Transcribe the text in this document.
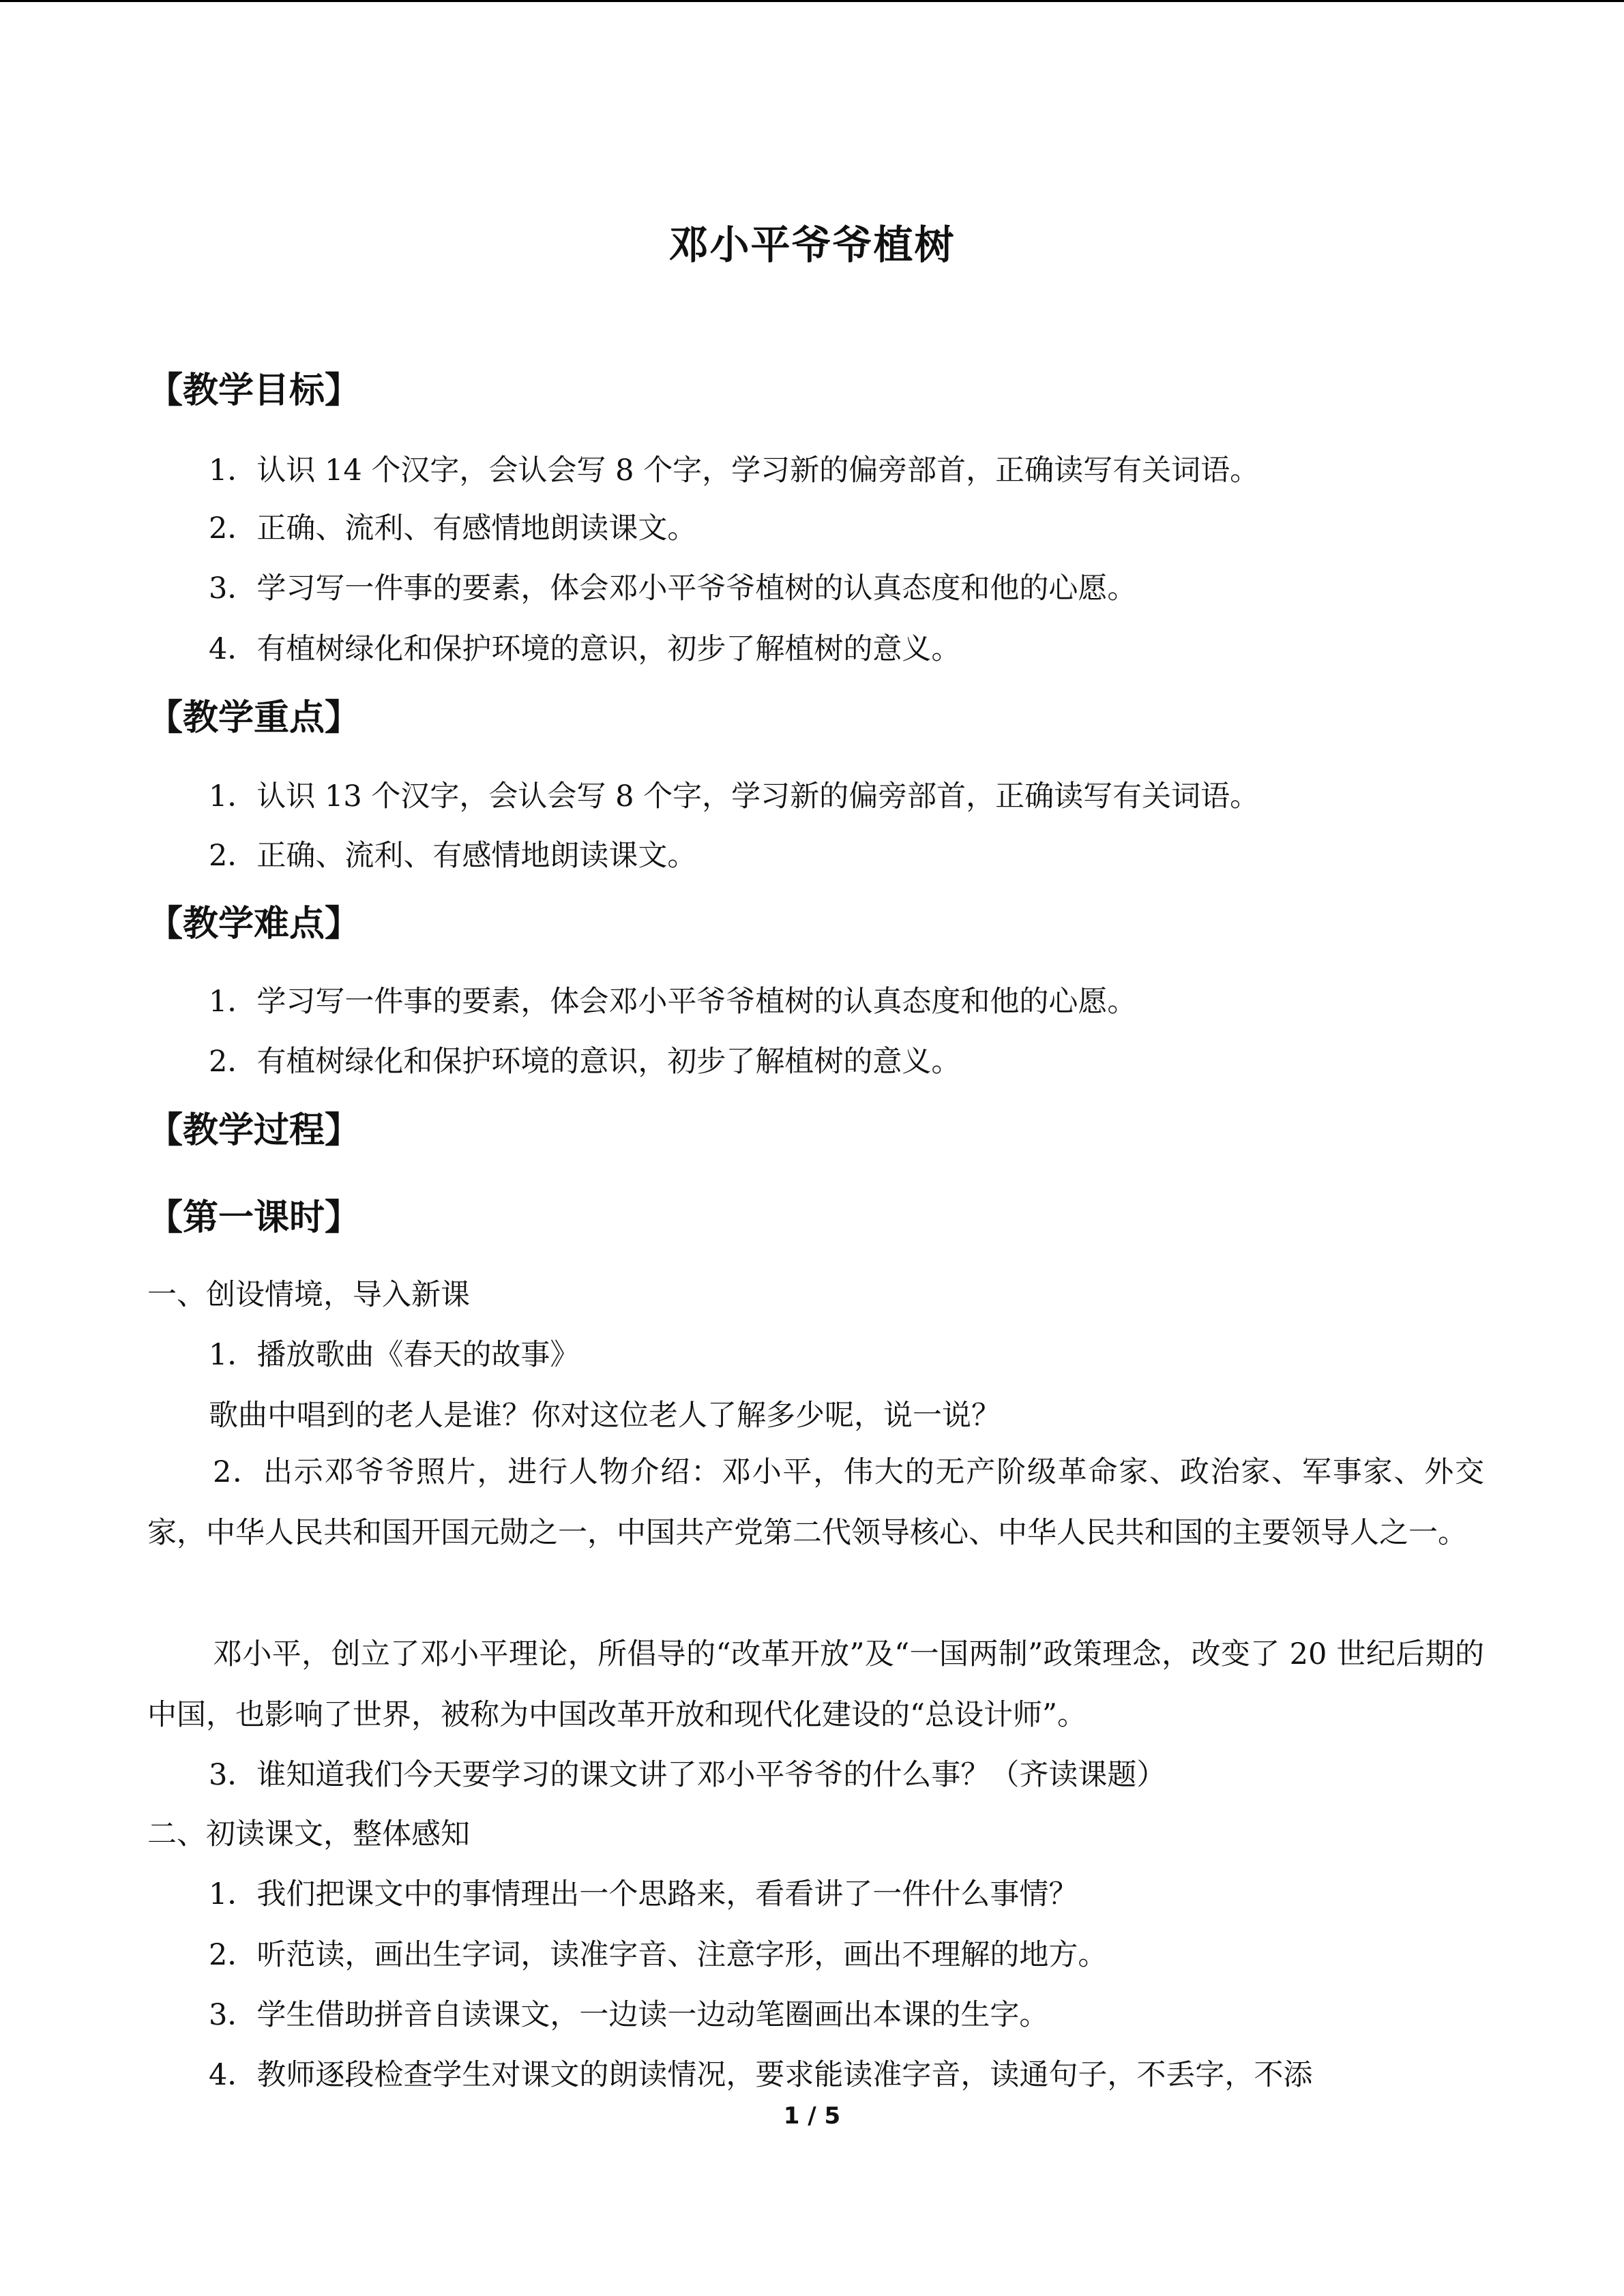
邓小平爷爷植树
【教学目标】
1．认识 14 个汉字，会认会写 8 个字，学习新的偏旁部首，正确读写有关词语。
2．正确、流利、有感情地朗读课文。
3．学习写一件事的要素，体会邓小平爷爷植树的认真态度和他的心愿。
4．有植树绿化和保护环境的意识，初步了解植树的意义。
【教学重点】
1．认识 13 个汉字，会认会写 8 个字，学习新的偏旁部首，正确读写有关词语。
2．正确、流利、有感情地朗读课文。
【教学难点】
1．学习写一件事的要素，体会邓小平爷爷植树的认真态度和他的心愿。
2．有植树绿化和保护环境的意识，初步了解植树的意义。
【教学过程】
【第一课时】
一、创设情境，导入新课
1．播放歌曲《春天的故事》
歌曲中唱到的老人是谁？你对这位老人了解多少呢，说一说？
2．出示邓爷爷照片，进行人物介绍：邓小平，伟大的无产阶级革命家、政治家、军事家、外交家，中华人民共和国开国元勋之一，中国共产党第二代领导核心、中华人民共和国的主要领导人之一。
邓小平，创立了邓小平理论，所倡导的“改革开放”及“一国两制”政策理念，改变了 20 世纪后期的中国，也影响了世界，被称为中国改革开放和现代化建设的“总设计师”。
3．谁知道我们今天要学习的课文讲了邓小平爷爷的什么事？（齐读课题）
二、初读课文，整体感知
1．我们把课文中的事情理出一个思路来，看看讲了一件什么事情？
2．听范读，画出生字词，读准字音、注意字形，画出不理解的地方。
3．学生借助拼音自读课文，一边读一边动笔圈画出本课的生字。
4．教师逐段检查学生对课文的朗读情况，要求能读准字音，读通句子，不丢字，不添
1 / 5
